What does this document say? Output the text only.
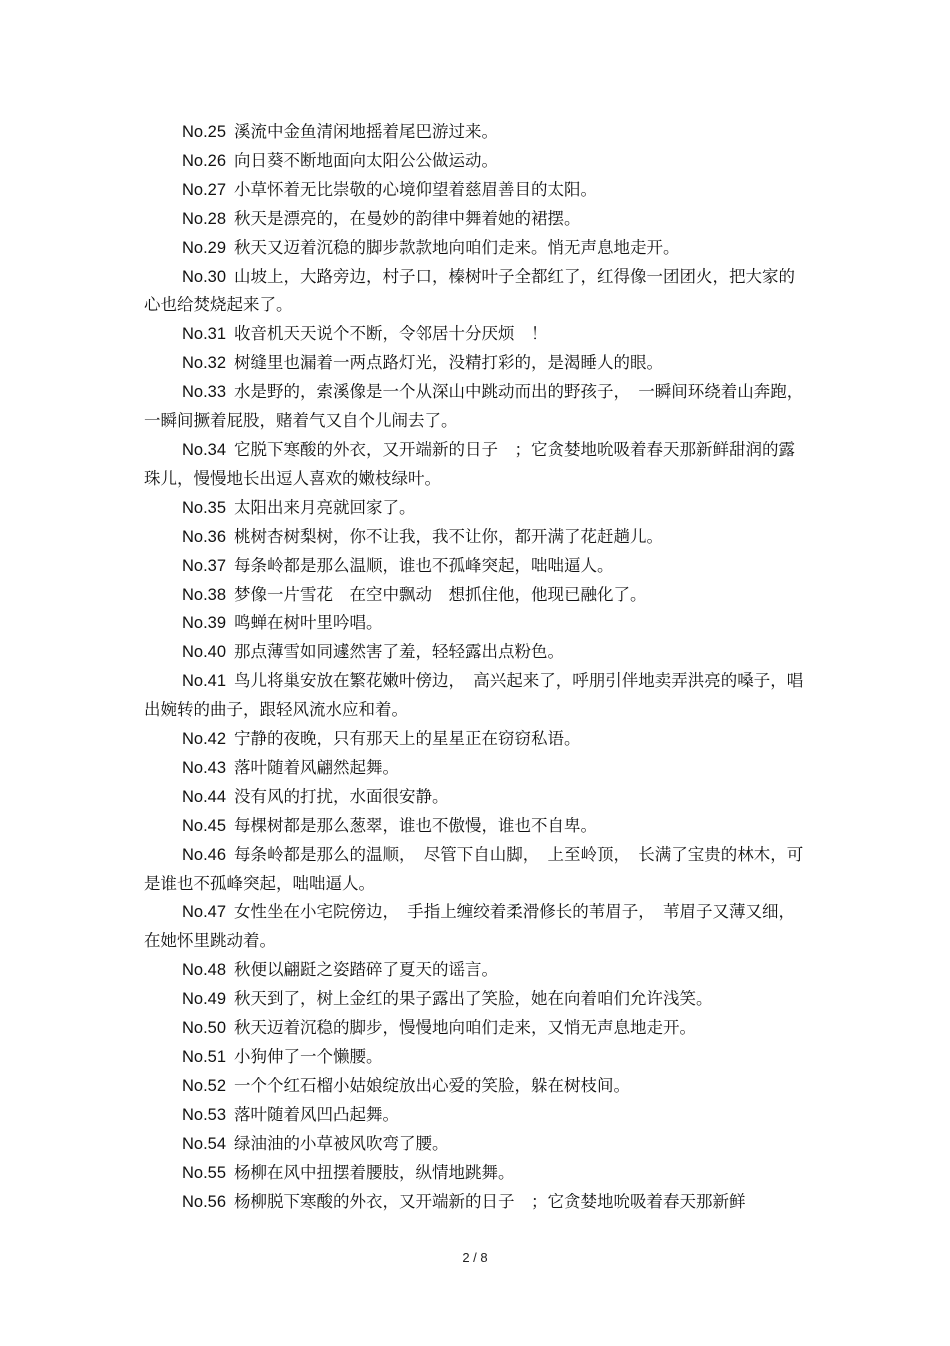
No.25 溪流中金鱼清闲地摇着尾巴游过来。

No.26 向日葵不断地面向太阳公公做运动。

No.27 小草怀着无比崇敬的心境仰望着慈眉善目的太阳。

No.28 秋天是漂亮的，在曼妙的韵律中舞着她的裙摆。

No.29 秋天又迈着沉稳的脚步款款地向咱们走来。悄无声息地走开。

No.30 山坡上，大路旁边，村子口，榛树叶子全都红了，红得像一团团火，把大家的心也给焚烧起来了。

No.31 收音机天天说个不断，令邻居十分厌烦　！

No.32 树缝里也漏着一两点路灯光，没精打彩的，是渴睡人的眼。

No.33 水是野的，索溪像是一个从深山中跳动而出的野孩子，　一瞬间环绕着山奔跑，一瞬间撅着屁股，赌着气又自个儿闹去了。

No.34 它脱下寒酸的外衣，又开端新的日子　；它贪婪地吮吸着春天那新鲜甜润的露珠儿，慢慢地长出逗人喜欢的嫩枝绿叶。

No.35 太阳出来月亮就回家了。

No.36 桃树杏树梨树，你不让我，我不让你，都开满了花赶趟儿。

No.37 每条岭都是那么温顺，谁也不孤峰突起，咄咄逼人。

No.38 梦像一片雪花　在空中飘动　想抓住他，他现已融化了。

No.39 鸣蝉在树叶里吟唱。

No.40 那点薄雪如同遽然害了羞，轻轻露出点粉色。

No.41 鸟儿将巢安放在繁花嫩叶傍边，　高兴起来了，呼朋引伴地卖弄洪亮的嗓子，唱出婉转的曲子，跟轻风流水应和着。

No.42 宁静的夜晚，只有那天上的星星正在窃窃私语。

No.43 落叶随着风翩然起舞。

No.44 没有风的打扰，水面很安静。

No.45 每棵树都是那么葱翠，谁也不傲慢，谁也不自卑。

No.46 每条岭都是那么的温顺，　尽管下自山脚，　上至岭顶，　长满了宝贵的林木，可是谁也不孤峰突起，咄咄逼人。

No.47 女性坐在小宅院傍边，　手指上缠绞着柔滑修长的苇眉子，　苇眉子又薄又细，在她怀里跳动着。

No.48 秋便以翩跹之姿踏碎了夏天的谣言。

No.49 秋天到了，树上金红的果子露出了笑脸，她在向着咱们允许浅笑。

No.50 秋天迈着沉稳的脚步，慢慢地向咱们走来，又悄无声息地走开。

No.51 小狗伸了一个懒腰。

No.52 一个个红石榴小姑娘绽放出心爱的笑脸，躲在树枝间。

No.53 落叶随着风凹凸起舞。

No.54 绿油油的小草被风吹弯了腰。

No.55 杨柳在风中扭摆着腰肢，纵情地跳舞。

No.56 杨柳脱下寒酸的外衣，又开端新的日子　；它贪婪地吮吸着春天那新鲜

2 / 8
